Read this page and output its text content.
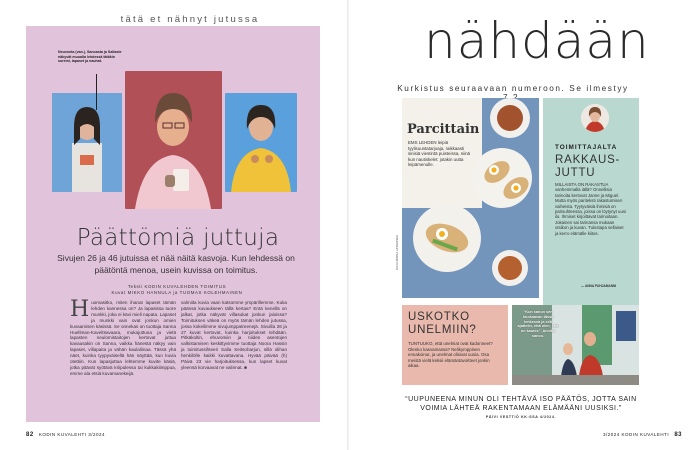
tätä et nähnyt jutussa
Neuvonta (van.), Sanoasta ja Sallaste näkyvät muualla lehdessä tätäkin soremi, lapaset ja nauhat.
Päättömiä juttuja
Sivujen 26 ja 46 jutuissa et nää näitä kasvoja. Kun lehdessä on päätöntä menoa, usein kuvissa on toimitus.
Teksti KODIN KUVALEHDEN TOIMITUS
Kuvat MIKKO HANNULA ja TUOMAS KOLEHMAINEN
Huomasitko, miten ihanat lapaset tämän lehden kannessa on? Ja lapasissa tuore munkki, joka ei kävi mieli napata. Lapaset ja munkki vain ovat jonkun omien kuvaamisen käsissä. Se onnekas on tuottaja Sanna Huellman-Kaveltsavaara, mukajuttuna ja vielä lapasten neulomistaitojen kertovat juttua kavausakin on Sanna, vaikka hänestä näkyy vain lapaset, villapaita ja vähän kaulaliinaa. Tässä yhä näet, kuinka tyypyväisellä hän näyttää, kun kuvia otettiin. Kun lapasjuttua lehtemme kuvite käsiä, jotka pitävät syötävä kriipulessa tai kukkakiimppua, emme ala etsiä kuvamanekeijä.
valmiita kuvia vaan katsomme ympärillemme. Kuka päänsä kuvaukseen tällä kertaa? Entä kenellä on jalkat, jotka näkyvät villasukat jonkun jaloissa? Toimituksen väkeä on myös tämän lehden jutussa, jossa kokeilimme sivujumppatreenejä. Sivuilla 26 ja 27 kuvat kertovat, kuinka harjoitukset tehdään. Pitkäkoltin, ehuvomiin ja niiden asentojen valkistamisen keskittyvimme tuottaja Noora Hassin ja toimitussihteeri Salla Seitsoharjun, sillä olihan henkilölle kaikki kuvattavana. Hyvää päivää (h) Päivä 23 vie harjoituksessa, kun lapset kuvat yleensä korvaavat ne valinnat. ■
82 KODIN KUVALEHTI 3/2024
nähdään
Kurkistus seuraavaan numeroon. Se ilmestyy
Parcittain
EMS LEHDEN leipiä tyylisuuntatarjoaja, raikkaasti sinisiä viestintä puisteissa, niinä kun nautiskelet: jotakin uutta leipämenulle.
KUVA MINNA LINSKINEN
TOIMITTAJALTA
RAKKAUS-JUTTU
MILLAISTA ON RAKASTUA vanhemmalla iällä? Onnellisia tarinoita kertovat Janne ja Miguel. Mutta myös pariteksti rakastumisen vaiheista. Tyytyväisiä ihmisiä on parisuhteessa, joissa on löytynyt uusi ilo. Ihmiset kirjoittavat tarinoitaan. Jokainen sai tarinansa mukaan otsikon ja kuvan. Tulostapa sellaiset ja kerro elämälle kiitos.
— ANNA PUHJAMANNI
USKOTKO UNELMIIN?
TUNTUUKO, että unelmat ovat kadonneet? Olenko kasvamassa? Nelikymppinen ennakoinut, ja unelmat olisivat uusia. Osa meistä vielä keksii elämäntavoitteet jonkin aikaa.
“Kun sanon sen huokaavan tässä hetkessä ja silti ajattelin, että olen, että on kaunis”, Annika sanoo.
“UUPUNEENA MINUN OLI TEHTÄVÄ ISO PÄÄTÖS, JOTTA SAIN VOIMIA LÄHTEÄ RAKENTAMAAN ELÄMÄÄNI UUSIKSI.”
PÄIVI VESTTIÖ KK:SSA 4/2024.
3/2024 KODIN KUVALEHTI 83
